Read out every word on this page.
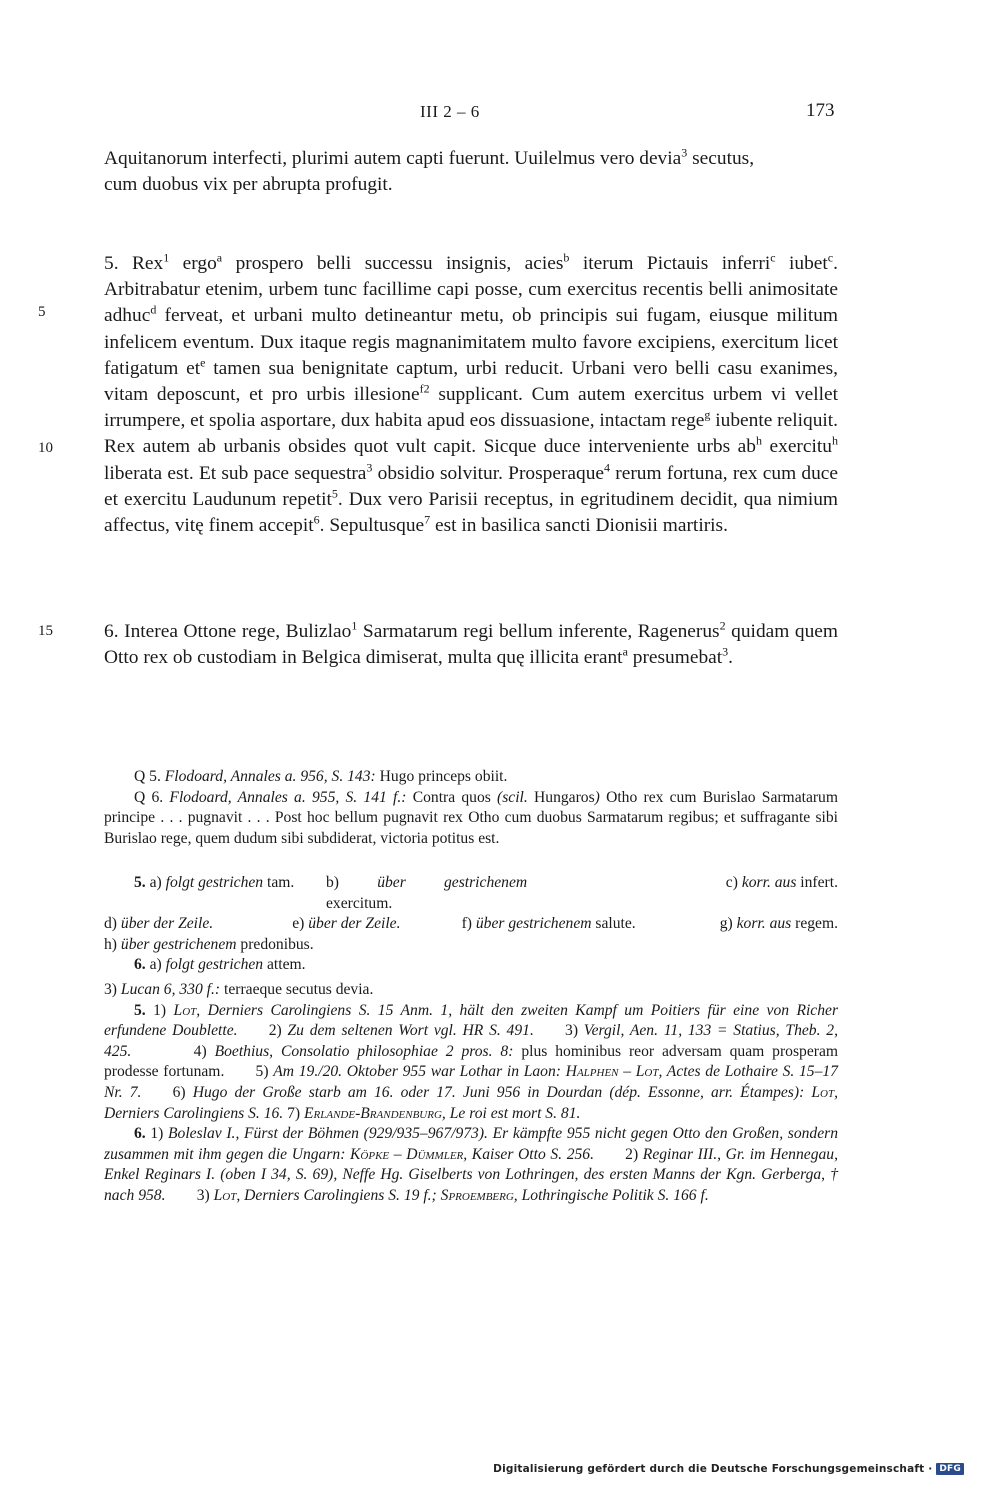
III 2 – 6	173
5
10
15

Aquitanorum interfecti, plurimi autem capti fuerunt. Uuilelmus vero devia$^3$ secutus,
cum duobus vix per abrupta profugit.

5. Rex$^1$ ergo$^a$ prospero belli successu insignis, acies$^b$ iterum Pictauis inferri$^c$ iubet$^c$. Arbitrabatur etenim, urbem tunc facillime capi posse, cum exercitus recentis belli animositate adhuc$^d$ ferveat, et urbani multo detineantur metu, ob principis sui fugam, eiusque militum infelicem eventum. Dux itaque regis magnanimitatem multo favore excipiens, exercitum licet fatigatum $et^e$ tamen sua benignitate captum, urbi reducit. Urbani vero belli casu exanimes, vitam deposcunt, et pro urbis illesione$^{f2}$ supplicant. Cum autem exercitus urbem vi vellet irrumpere, et spolia asportare, dux habita apud eos dissuasione, intactam rege$^g$ iubente reliquit. Rex autem ab urbanis obsides quot vult capit. Sicque duce interveniente urbs $ab^h$ exercitu$^h$ liberata est. Et sub pace sequestra$^3$ obsidio solvitur. Prosperaque$^4$ rerum fortuna, rex cum duce et exercitu Laudunum repetit$^5$. Dux vero Parisii receptus, in egritudinem decidit, qua nimium affectus, vitę finem accepit$^6$. Sepultusque$^7$ est in basilica sancti Dionisii martiris.

6. Interea Ottone rege, Bulizlao$^1$ Sarmatarum regi bellum inferente, Ragenerus$^2$ quidam quem Otto rex ob custodiam in Belgica dimiserat, multa quę illicita erant$^a$ presumebat$^3$.

Q 5. Flodoard, Annales a. 956, S. 143: Hugo princeps obiit.

Q 6. Flodoard, Annales a. 955, S. 141 f.: Contra quos (scil. Hungaros) Otho rex cum Burislao Sarmatarum principe . . . pugnavit . . . Post hoc bellum pugnavit rex Otho cum duobus Sarmatarum regibus; et suffragante sibi Burislao rege, quem dudum sibi subdiderat, victoria potitus est.

5. a) folgt gestrichen tam.	b) über gestrichenem exercitum.
c) korr. aus infert.
d) über der Zeile.	e) über der Zeile.	f) über gestrichenem salute.	g) korr. aus regem.

h) über gestrichenem predonibus.

6. a) folgt gestrichen attem.

3) Lucan 6, 330 f.: terraeque secutus devia.

5. 1) Lot, Derniers Carolingiens S. 15 Anm. 1, hält den zweiten Kampf um Poitiers für eine von Richer erfundene Doublette.   2) Zu dem seltenen Wort vgl. HR S. 491.   3) Vergil, Aen. 11, 133 = Statius, Theb. 2, 425.    	4) Boethius, Consolatio philosophiae 2 pros. 8: plus hominibus reor adversam quam prosperam prodesse fortunam.   5) Am 19./20. Oktober 955 war Lothar in Laon: Halphen – Lot, Actes de Lothaire S. 15–17 Nr. 7.   6) Hugo der Große starb am 16. oder 17. Juni 956 in Dourdan (dép. Essonne, arr. Étampes): Lot, Derniers Carolingiens S. 16. 7) Erlande-Brandenburg, Le roi est mort S. 81.

6. 1) Boleslav I., Fürst der Böhmen (929/935–967/973). Er kämpfte 955 nicht gegen Otto den Großen, sondern zusammen mit ihm gegen die Ungarn: Köpke – Dümmler, Kaiser Otto S. 256.   2) Reginar III., Gr. im Hennegau, Enkel Reginars I. (oben I 34, S. 69), Neffe Hg. Giselberts von Lothringen, des ersten Manns der Kgn. Gerberga, † nach 958.   3) Lot, Derniers Carolingiens S. 19 f.; Sproemberg, Lothringische Politik S. 166 f.

Digitalisierung gefördert durch die Deutsche Forschungsgemeinschaft · DFG
